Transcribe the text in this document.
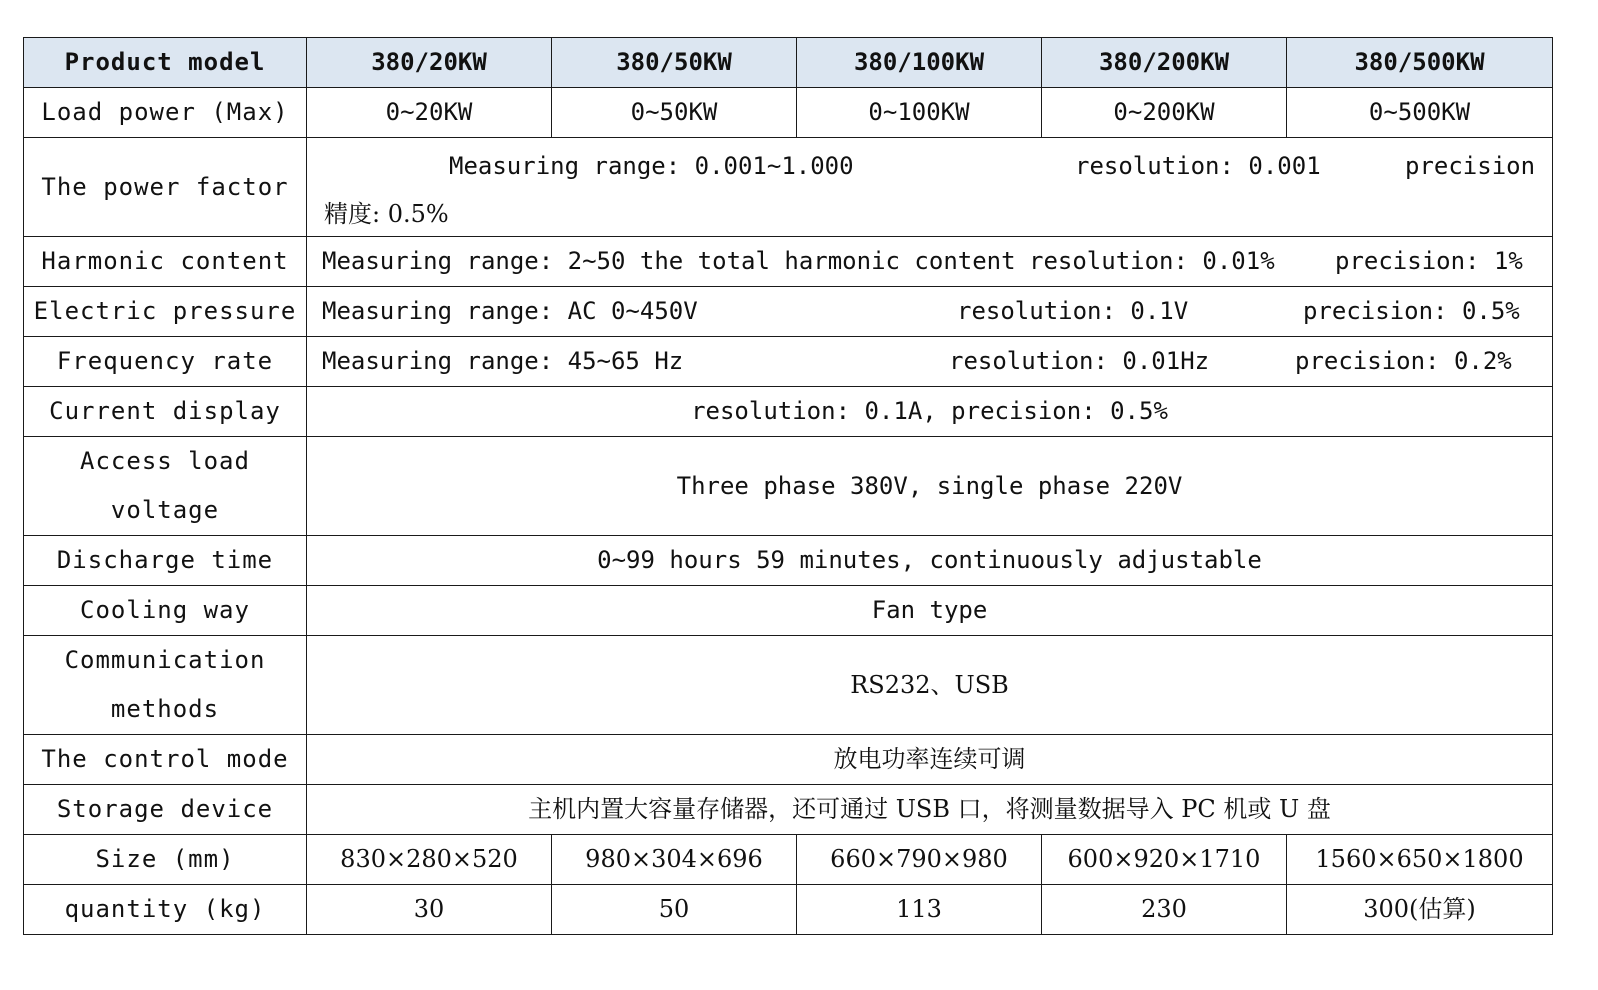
Product model	380/20KW	380/50KW	380/100KW	380/200KW	380/500KW
Load power (Max)	0~20KW	0~50KW	0~100KW	0~200KW	0~500KW
The power factor	Measuring range: 0.001~1.000 resolution: 0.001 precision
精度: 0.5%				

Harmonic content	Measuring range: 2~50 the total harmonic content resolution: 0.01% precision: 1%				

Electric pressure	Measuring range: AC 0~450V resolution: 0.1V precision: 0.5%				

Frequency rate	Measuring range: 45~65 Hz resolution: 0.01Hz precision: 0.2%				

Current display	resolution: 0.1A, precision: 0.5%				

Access load
voltage	Three phase 380V, single phase 220V				
Discharge time	0~99 hours 59 minutes, continuously adjustable				
Cooling way	Fan type				

Communication
methods	RS232、USB				
The control mode	放电功率连续可调				
Storage device	主机内置大容量存储器，还可通过 USB 口，将测量数据导入 PC 机或 U 盘				
Size (mm)	830×280×520	980×304×696	660×790×980	600×920×1710	1560×650×1800
quantity (kg)	30	50	113	230	300(估算)
